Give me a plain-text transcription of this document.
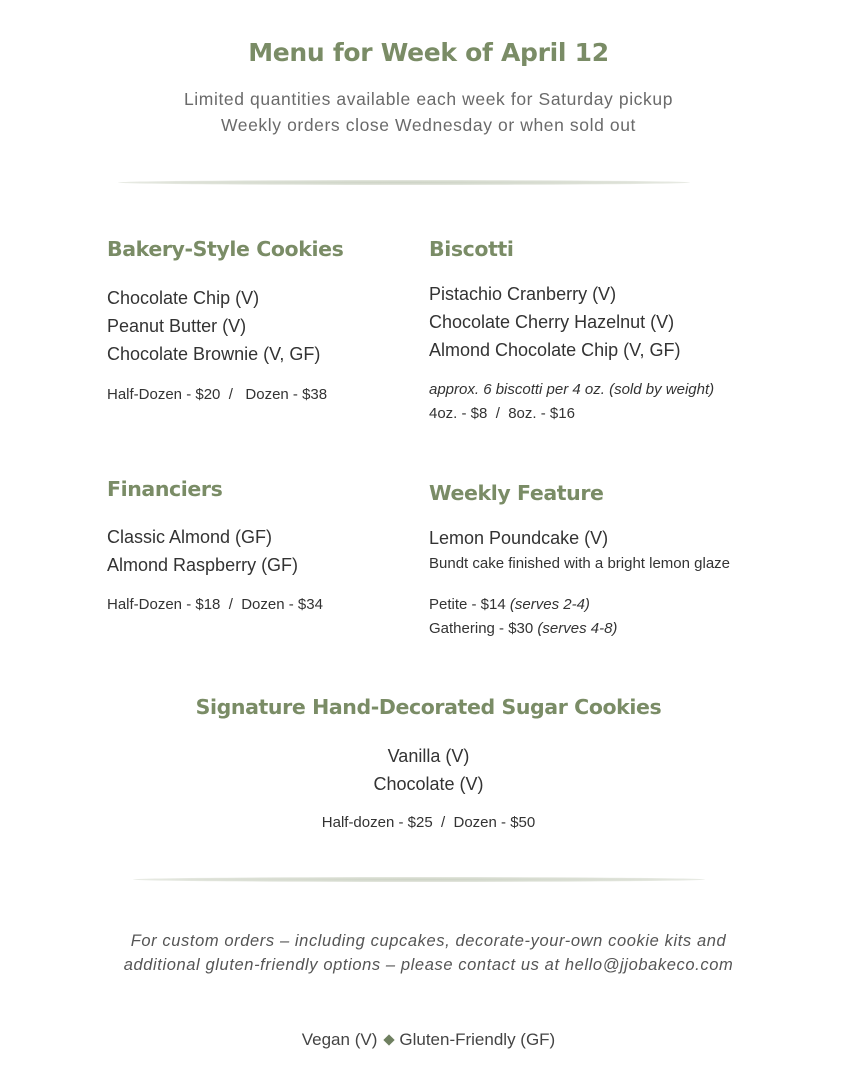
Menu for Week of April 12
Limited quantities available each week for Saturday pickup
Weekly orders close Wednesday or when sold out
Bakery-Style Cookies
Chocolate Chip (V)
Peanut Butter (V)
Chocolate Brownie (V, GF)
Half-Dozen - $20  /   Dozen - $38
Biscotti
Pistachio Cranberry (V)
Chocolate Cherry Hazelnut (V)
Almond Chocolate Chip (V, GF)
approx. 6 biscotti per 4 oz. (sold by weight)
4oz. - $8  /  8oz. - $16
Financiers
Classic Almond (GF)
Almond Raspberry (GF)
Half-Dozen - $18  /  Dozen - $34
Weekly Feature
Lemon Poundcake (V)
Bundt cake finished with a bright lemon glaze
Petite - $14 (serves 2-4)
Gathering - $30 (serves 4-8)
Signature Hand-Decorated Sugar Cookies
Vanilla (V)
Chocolate (V)
Half-dozen - $25  /  Dozen - $50
For custom orders – including cupcakes, decorate-your-own cookie kits and
additional gluten-friendly options – please contact us at hello@jjobakeco.com
Vegan (V) Gluten-Friendly (GF)
